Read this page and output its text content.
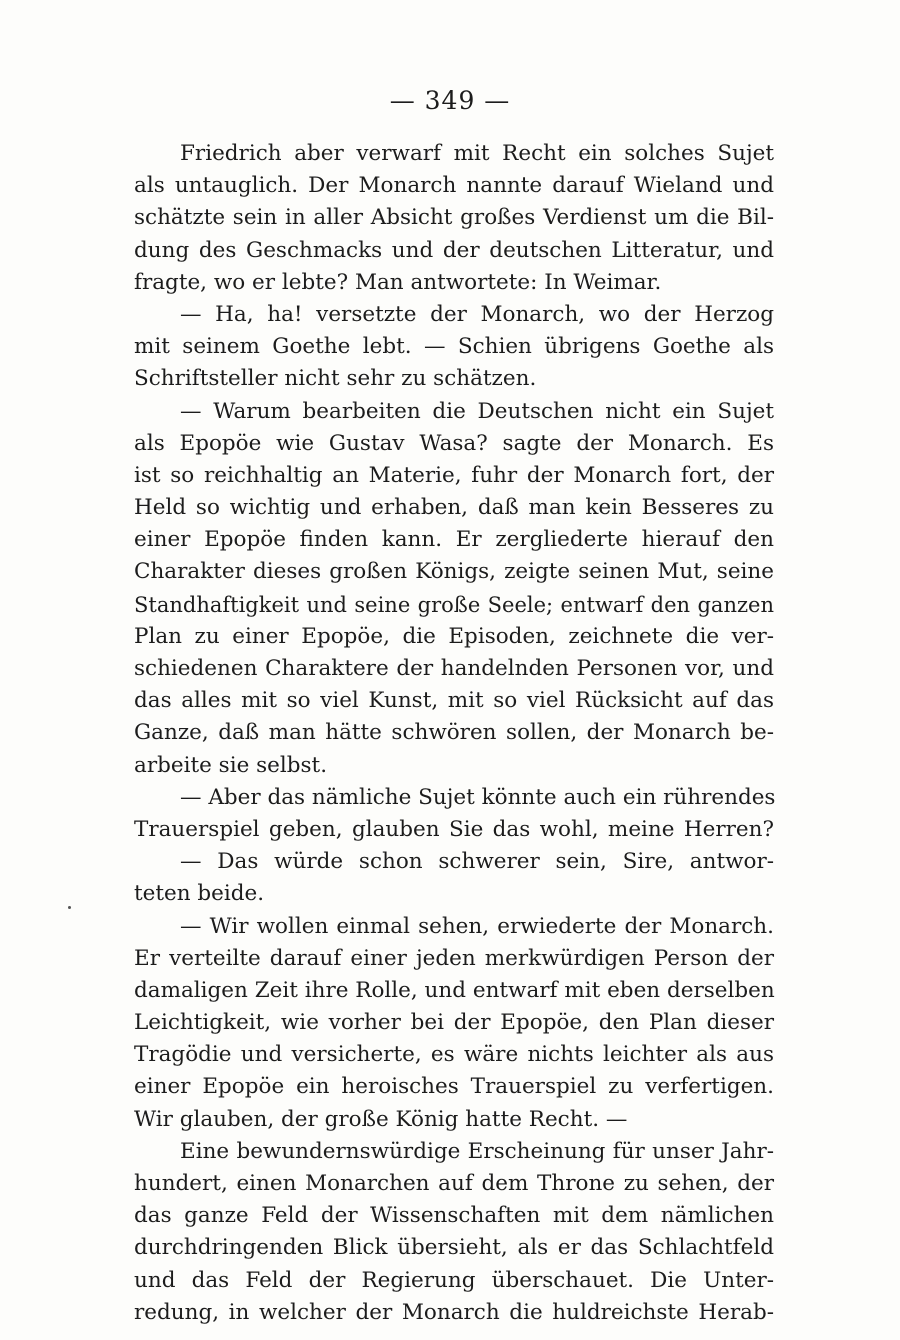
— 349 —
Friedrich aber verwarf mit Recht ein solches Sujet
als untauglich. Der Monarch nannte darauf Wieland und
schätzte sein in aller Absicht großes Verdienst um die Bil-
dung des Geschmacks und der deutschen Litteratur, und
fragte, wo er lebte? Man antwortete: In Weimar.
— Ha, ha! versetzte der Monarch, wo der Herzog
mit seinem Goethe lebt. — Schien übrigens Goethe als
Schriftsteller nicht sehr zu schätzen.
— Warum bearbeiten die Deutschen nicht ein Sujet
als Epopöe wie Gustav Wasa? sagte der Monarch. Es
ist so reichhaltig an Materie, fuhr der Monarch fort, der
Held so wichtig und erhaben, daß man kein Besseres zu
einer Epopöe finden kann. Er zergliederte hierauf den
Charakter dieses großen Königs, zeigte seinen Mut, seine
Standhaftigkeit und seine große Seele; entwarf den ganzen
Plan zu einer Epopöe, die Episoden, zeichnete die ver-
schiedenen Charaktere der handelnden Personen vor, und
das alles mit so viel Kunst, mit so viel Rücksicht auf das
Ganze, daß man hätte schwören sollen, der Monarch be-
arbeite sie selbst.
— Aber das nämliche Sujet könnte auch ein rührendes
Trauerspiel geben, glauben Sie das wohl, meine Herren?
— Das würde schon schwerer sein, Sire, antwor-
teten beide.
— Wir wollen einmal sehen, erwiederte der Monarch.
Er verteilte darauf einer jeden merkwürdigen Person der
damaligen Zeit ihre Rolle, und entwarf mit eben derselben
Leichtigkeit, wie vorher bei der Epopöe, den Plan dieser
Tragödie und versicherte, es wäre nichts leichter als aus
einer Epopöe ein heroisches Trauerspiel zu verfertigen.
Wir glauben, der große König hatte Recht. —
Eine bewundernswürdige Erscheinung für unser Jahr-
hundert, einen Monarchen auf dem Throne zu sehen, der
das ganze Feld der Wissenschaften mit dem nämlichen
durchdringenden Blick übersieht, als er das Schlachtfeld
und das Feld der Regierung überschauet. Die Unter-
redung, in welcher der Monarch die huldreichste Herab-
